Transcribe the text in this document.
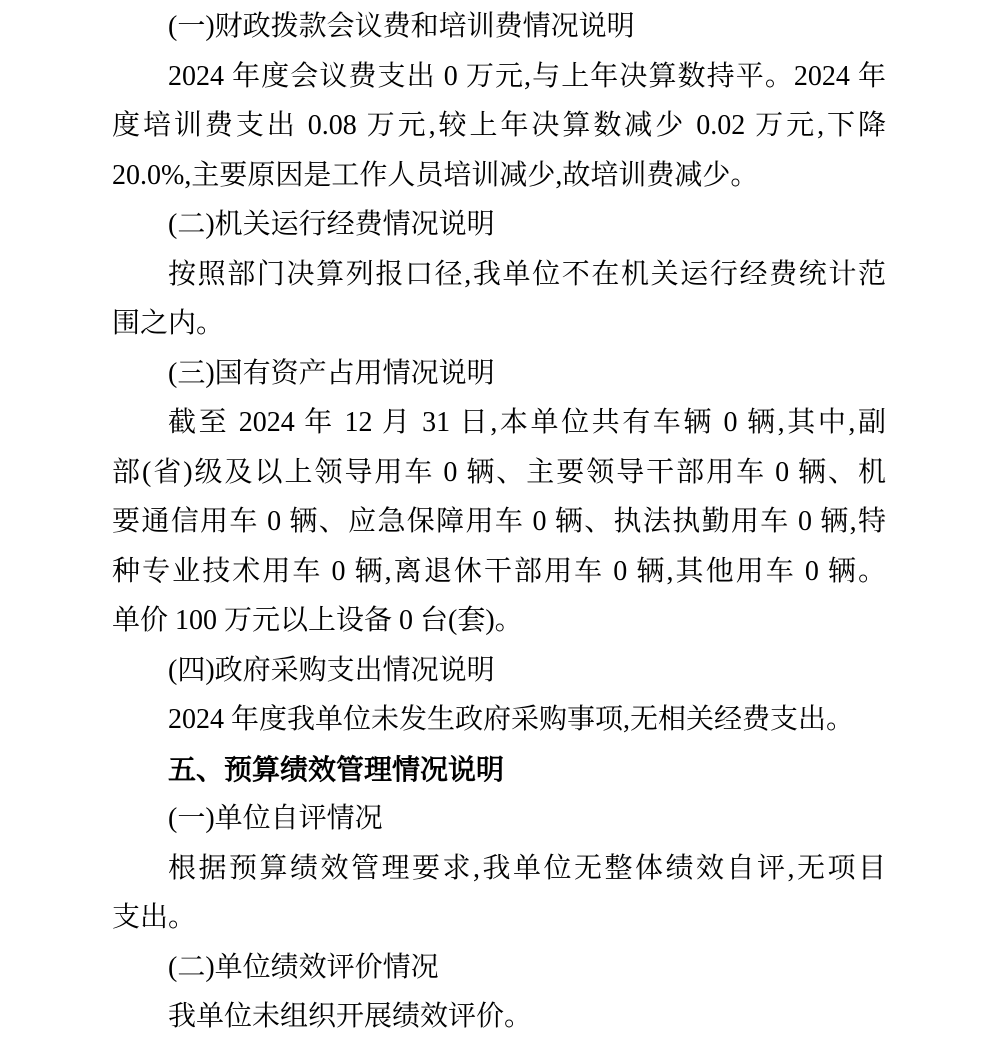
(一)财政拨款会议费和培训费情况说明
2024 年度会议费支出 0 万元,与上年决算数持平。2024 年
度培训费支出 0.08 万元,较上年决算数减少 0.02 万元,下降
20.0%,主要原因是工作人员培训减少,故培训费减少。
(二)机关运行经费情况说明
按照部门决算列报口径,我单位不在机关运行经费统计范
围之内。
(三)国有资产占用情况说明
截至 2024 年 12 月 31 日,本单位共有车辆 0 辆,其中,副
部(省)级及以上领导用车 0 辆、主要领导干部用车 0 辆、机
要通信用车 0 辆、应急保障用车 0 辆、执法执勤用车 0 辆,特
种专业技术用车 0 辆,离退休干部用车 0 辆,其他用车 0 辆。
单价 100 万元以上设备 0 台(套)。
(四)政府采购支出情况说明
2024 年度我单位未发生政府采购事项,无相关经费支出。
五、预算绩效管理情况说明
(一)单位自评情况
根据预算绩效管理要求,我单位无整体绩效自评,无项目
支出。
(二)单位绩效评价情况
我单位未组织开展绩效评价。
